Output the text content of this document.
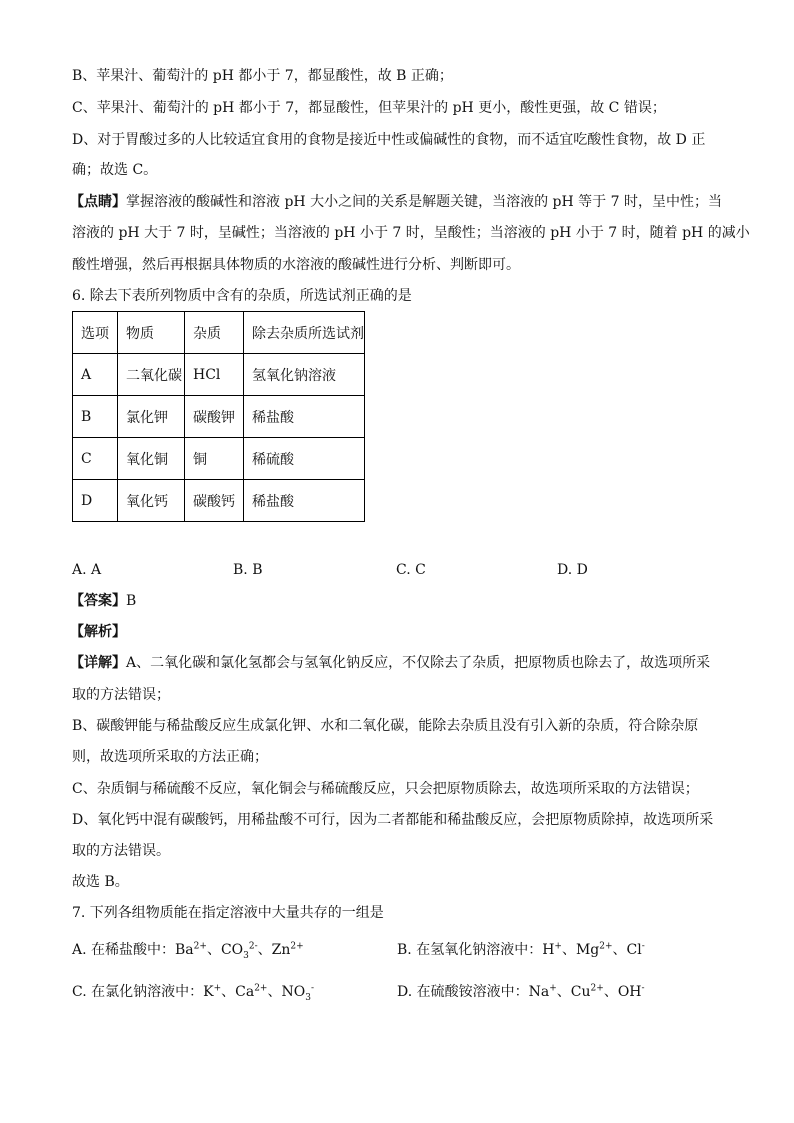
B、苹果汁、葡萄汁的 pH 都小于 7，都显酸性，故 B 正确；
C、苹果汁、葡萄汁的 pH 都小于 7，都显酸性，但苹果汁的 pH 更小，酸性更强，故 C 错误；
D、对于胃酸过多的人比较适宜食用的食物是接近中性或偏碱性的食物，而不适宜吃酸性食物，故 D 正
确；故选 C。
【点睛】掌握溶液的酸碱性和溶液 pH 大小之间的关系是解题关键，当溶液的 pH 等于 7 时，呈中性；当
溶液的 pH 大于 7 时，呈碱性；当溶液的 pH 小于 7 时，呈酸性；当溶液的 pH 小于 7 时，随着 pH 的减小
酸性增强，然后再根据具体物质的水溶液的酸碱性进行分析、判断即可。
6. 除去下表所列物质中含有的杂质，所选试剂正确的是
选项	物质	杂质	除去杂质所选试剂
A	二氧化碳	HCl	氢氧化钠溶液
B	氯化钾	碳酸钾	稀盐酸
C	氧化铜	铜	稀硫酸
D	氧化钙	碳酸钙	稀盐酸
A. A	B. B	C. C	D. D
【答案】B
【解析】
【详解】A、二氧化碳和氯化氢都会与氢氧化钠反应，不仅除去了杂质，把原物质也除去了，故选项所采
取的方法错误；
B、碳酸钾能与稀盐酸反应生成氯化钾、水和二氧化碳，能除去杂质且没有引入新的杂质，符合除杂原
则，故选项所采取的方法正确；
C、杂质铜与稀硫酸不反应，氧化铜会与稀硫酸反应，只会把原物质除去，故选项所采取的方法错误；
D、氧化钙中混有碳酸钙，用稀盐酸不可行，因为二者都能和稀盐酸反应，会把原物质除掉，故选项所采
取的方法错误。
故选 B。
7. 下列各组物质能在指定溶液中大量共存的一组是
A. 在稀盐酸中：$Ba^{2+}$、$CO_3^{2-}$、$Zn^{2+}$	B. 在氢氧化钠溶液中：H+、$Mg^{2+}$、Cl-
C. 在氯化钠溶液中：K+、$Ca^{2+}$、$NO_3^-$	D. 在硫酸铵溶液中：Na+、$Cu^{2+}$、OH-
